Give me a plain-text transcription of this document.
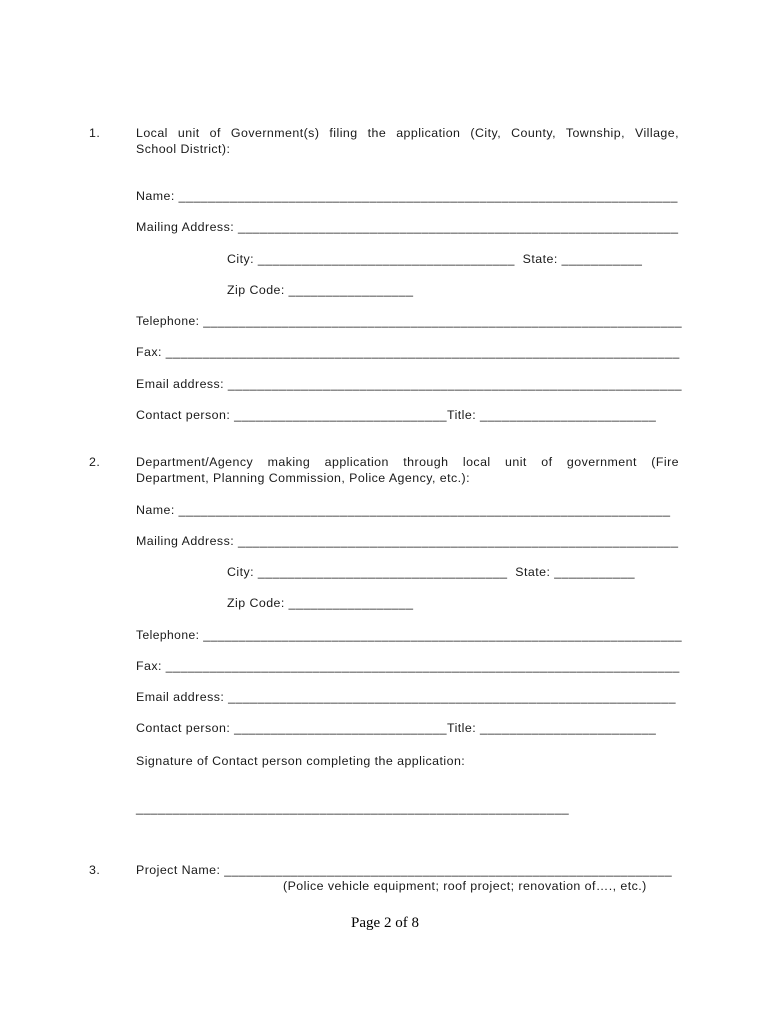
1.	Local unit of Government(s) filing the application (City, County, Township, Village,
School District):
Name: ____________________________________________________________________
Mailing Address: ____________________________________________________________
City: ___________________________________  State: ___________
Zip Code: _________________
Telephone: ___________________________________________________________________
Fax: ______________________________________________________________________
Email address: ______________________________________________________________
Contact person: _____________________________Title: ________________________
2.	Department/Agency making application through local unit of government (Fire
Department, Planning Commission, Police Agency, etc.):
Name: ___________________________________________________________________
Mailing Address: ____________________________________________________________
City: __________________________________  State: ___________
Zip Code: _________________
Telephone: ___________________________________________________________________
Fax: ______________________________________________________________________
Email address: _____________________________________________________________
Contact person: _____________________________Title: ________________________
Signature of Contact person completing the application:
___________________________________________________________
3.	Project Name: _____________________________________________________________
(Police vehicle equipment; roof project; renovation of…., etc.)
Page 2 of 8
